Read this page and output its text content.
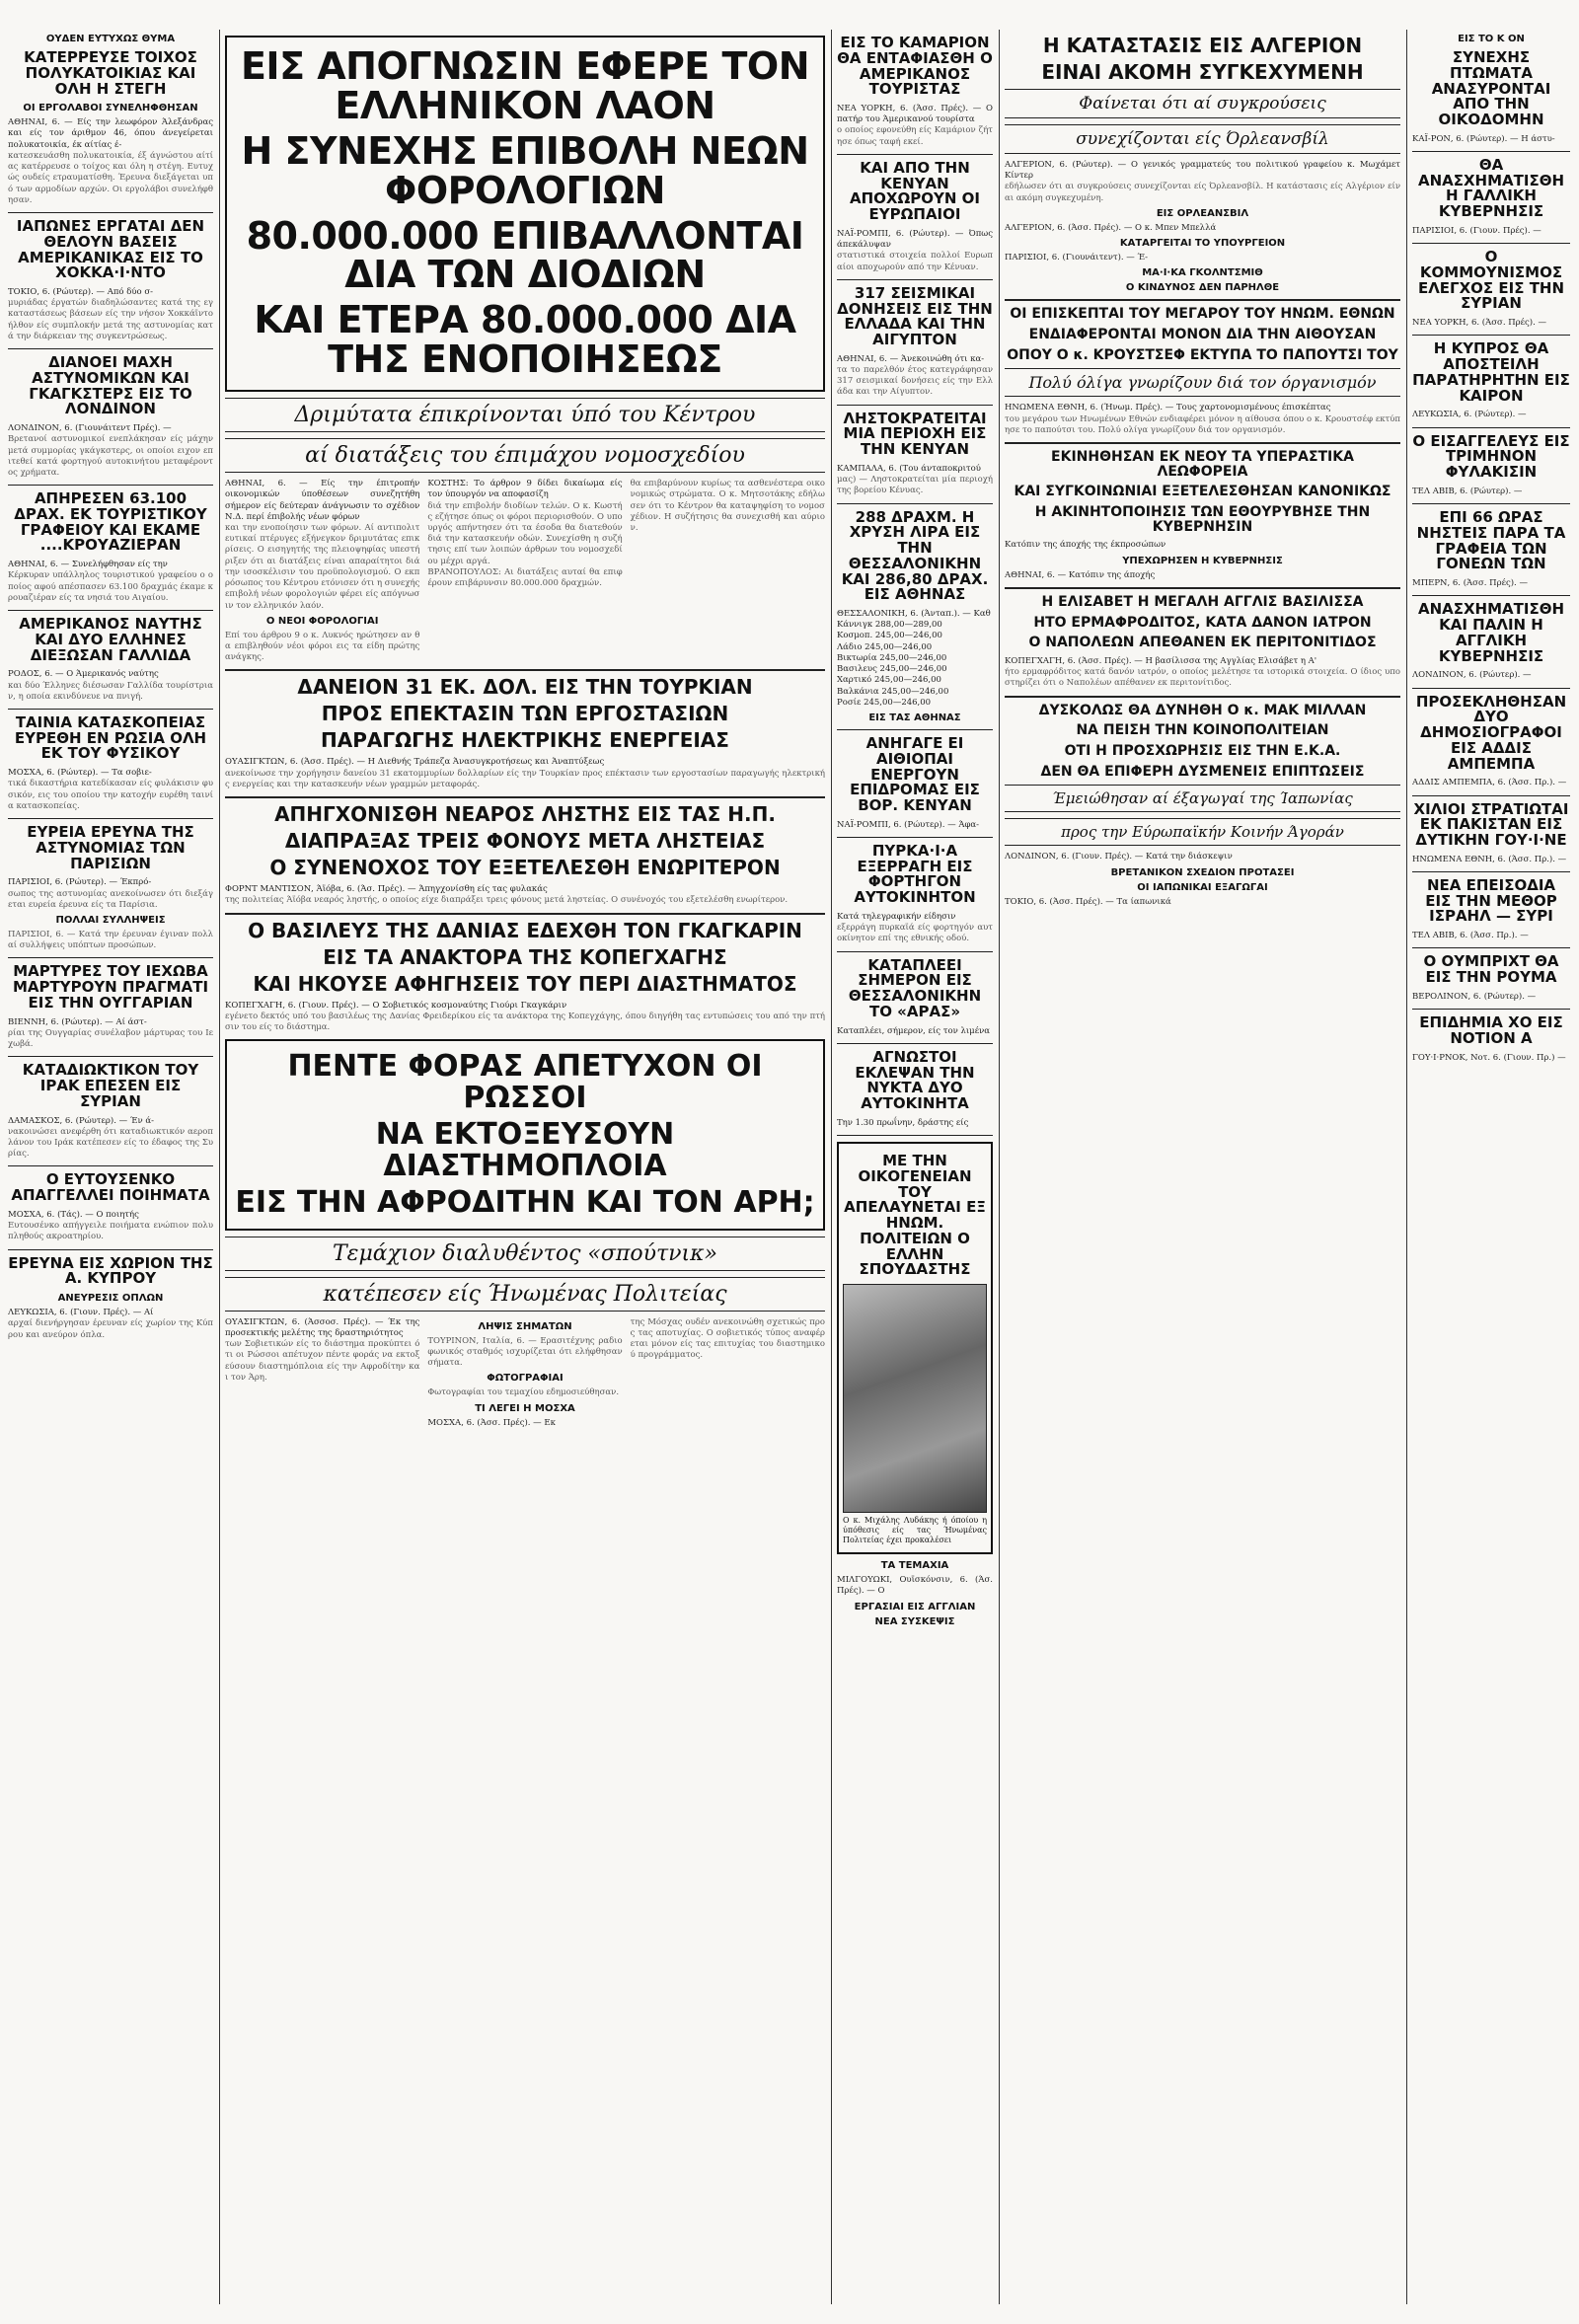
ΟΥΔΕΝ ΕΥΤΥΧΩΣ ΘΥΜΑ
ΚΑΤΕΡΡΕΥΣΕ ΤΟΙΧΟΣ ΠΟΛΥΚΑΤΟΙΚΙΑΣ ΚΑΙ ΟΛΗ Η ΣΤΕΓΗ
ΟΙ ΕΡΓΟΛΑΒΟΙ ΣΥΝΕΛΗΦΘΗΣΑΝ

ΑΘΗΝΑΙ, 6. — Είς την λεωφόρον Άλεξάνδρας και είς τον άριθμον 46, όπου άνεγείρεται πολυκατοικία, έκ αίτίας έ-

κατεσκευάσθη πολυκατοικία, έξ άγνώστου αίτίας κατέρρευσε ο τοίχος και όλη η στέγη. Ευτυχώς ουδείς ετραυματίσθη. Έρευνα διεξάγεται υπό των αρμοδίων αρχών. Οι εργολάβοι συνελήφθησαν.

ΙΑΠΩΝΕΣ ΕΡΓΑΤΑΙ ΔΕΝ ΘΕΛΟΥΝ ΒΑΣΕΙΣ ΑΜΕΡΙΚΑΝΙΚΑΣ ΕΙΣ ΤΟ ΧΟΚΚΑ·Ι·ΝΤΟ

ΤΟΚΙΟ, 6. (Ρώυτερ). — Από δύο σ-

μυριάδας έργατών διαδηλώσαντες κατά της εγκαταστάσεως βάσεων είς την νήσον Χοκκάϊντο ήλθον είς συμπλοκήν μετά της αστυνομίας κατά την διάρκειαν της συγκεντρώσεως.

ΔΙΑΝΟΕΙ ΜΑΧΗ ΑΣΤΥΝΟΜΙΚΩΝ ΚΑΙ ΓΚΑΓΚΣΤΕΡΣ ΕΙΣ ΤΟ ΛΟΝΔΙΝΟΝ

ΛΟΝΔΙΝΟΝ, 6. (Γιουνάιτεντ Πρές). —

Βρετανοί αστυνομικοί ενεπλάκησαν είς μάχην μετά συμμορίας γκάγκστερς, οι οποίοι ειχον επιτεθεί κατά φορτηγού αυτοκινήτου μεταφέροντος χρήματα.

ΑΠΗΡΕΣΕΝ 63.100 ΔΡΑΧ. ΕΚ ΤΟΥΡΙΣΤΙΚΟΥ ΓΡΑΦΕΙΟΥ ΚΑΙ ΕΚΑΜΕ ....ΚΡΟΥΑΖΙΕΡΑΝ

ΑΘΗΝΑΙ, 6. — Συνελήφθησαν είς την

Κέρκυραν υπάλληλος τουριστικού γραφείου ο οποίος αφού απέσπασεν 63.100 δραχμάς έκαμε κρουαζιέραν είς τα νησιά του Αιγαίου.

ΑΜΕΡΙΚΑΝΟΣ ΝΑΥΤΗΣ ΚΑΙ ΔΥΟ ΕΛΛΗΝΕΣ ΔΙΕΞΩΣΑΝ ΓΑΛΛΙΔΑ

ΡΟΔΟΣ, 6. — Ο Άμερικανός ναύτης

και δύο Έλληνες διέσωσαν Γαλλίδα τουρίστριαν, η οποία εκινδύνευε να πνιγή.

ΤΑΙΝΙΑ ΚΑΤΑΣΚΟΠΕΙΑΣ ΕΥΡΕΘΗ ΕΝ ΡΩΣΙΑ ΟΛΗ ΕΚ ΤΟΥ ΦΥΣΙΚΟΥ

ΜΟΣΧΑ, 6. (Ρώυτερ). — Τα σοβιε-

τικά δικαστήρια κατεδίκασαν είς φυλάκισιν φυσικόν, εις του οποίου την κατοχήν ευρέθη ταινία κατασκοπείας.

ΕΥΡΕΙΑ ΕΡΕΥΝΑ ΤΗΣ ΑΣΤΥΝΟΜΙΑΣ ΤΩΝ ΠΑΡΙΣΙΩΝ

ΠΑΡΙΣΙΟΙ, 6. (Ρώυτερ). — Έκπρό-

σωπος της αστυνομίας ανεκοίνωσεν ότι διεξάγεται ευρεία έρευνα είς τα Παρίσια.

ΠΟΛΛΑΙ ΣΥΛΛΗΨΕΙΣ

ΠΑΡΙΣΙΟΙ, 6. — Κατά την έρευναν έγιναν πολλαί συλλήψεις υπόπτων προσώπων.

ΜΑΡΤΥΡΕΣ ΤΟΥ ΙΕΧΩΒΑ ΜΑΡΤΥΡΟΥΝ ΠΡΑΓΜΑΤΙ ΕΙΣ ΤΗΝ ΟΥΓΓΑΡΙΑΝ

ΒΙΕΝΝΗ, 6. (Ρώυτερ). — Αί άστ-

ρίαι της Ουγγαρίας συνέλαβον μάρτυρας του Ιεχωβά.

ΚΑΤΑΔΙΩΚΤΙΚΟΝ ΤΟΥ ΙΡΑΚ ΕΠΕΣΕΝ ΕΙΣ ΣΥΡΙΑΝ

ΔΑΜΑΣΚΟΣ, 6. (Ρώυτερ). — Έν ά-

νακοινώσει ανεφέρθη ότι καταδιωκτικόν αεροπλάνον του Ιράκ κατέπεσεν είς το έδαφος της Συρίας.

Ο ΕΥΤΟΥΣΕΝΚΟ ΑΠΑΓΓΕΛΛΕΙ ΠΟΙΗΜΑΤΑ

ΜΟΣΧΑ, 6. (Τάς). — Ο ποιητής

Ευτουσένκο απήγγειλε ποιήματα ενώπιον πολυπληθούς ακροατηρίου.

ΕΡΕΥΝΑ ΕΙΣ ΧΩΡΙΟΝ ΤΗΣ Α. ΚΥΠΡΟΥ
ΑΝΕΥΡΕΣΙΣ ΟΠΛΩΝ

ΛΕΥΚΩΣΙΑ, 6. (Γιουν. Πρές). — Αί

αρχαί διενήργησαν έρευναν είς χωρίον της Κύπρου και ανεύρον όπλα.

ΕΙΣ ΑΠΟΓΝΩΣΙΝ ΕΦΕΡΕ ΤΟΝ ΕΛΛΗΝΙΚΟΝ ΛΑΟΝ
Η ΣΥΝΕΧΗΣ ΕΠΙΒΟΛΗ ΝΕΩΝ ΦΟΡΟΛΟΓΙΩΝ
80.000.000 ΕΠΙΒΑΛΛΟΝΤΑΙ ΔΙΑ ΤΩΝ ΔΙΟΔΙΩΝ
ΚΑΙ ΕΤΕΡΑ 80.000.000 ΔΙΑ ΤΗΣ ΕΝΟΠΟΙΗΣΕΩΣ
Δριμύτατα έπικρίνονται ύπό του Κέντρου
αί διατάξεις του έπιμάχου νομοσχεδίου

ΑΘΗΝΑΙ, 6. — Είς την έπιτροπήν οικονομικών ύποθέσεων συνεζητήθη σήμερον είς δεύτεραν άνάγνωσιν το σχέδιον Ν.Δ. περί έπιβολής νέων φόρων

και την ενοποίησιν των φόρων. Αί αντιπολιτευτικαί πτέρυγες εξήνεγκον δριμυτάτας επικρίσεις. Ο εισηγητής της πλειοψηφίας υπεστήριξεν ότι αι διατάξεις είναι απαραίτητοι διά την ισοσκέλισιν του προϋπολογισμού. Ο εκπρόσωπος του Κέντρου ετόνισεν ότι η συνεχής επιβολή νέων φορολογιών φέρει είς απόγνωσιν τον ελληνικόν λαόν.

Ο ΝΕΟΙ ΦΟΡΟΛΟΓΙΑΙ

Επί του άρθρου 9 ο κ. Λυκνός ηρώτησεν αν θα επιβληθούν νέοι φόροι εις τα είδη πρώτης ανάγκης.

ΚΟΣΤΗΣ: Το άρθρον 9 δίδει δικαίωμα είς τον ύπουργόν να αποφασίζη

διά την επιβολήν διοδίων τελών. Ο κ. Κωστής εζήτησε όπως οι φόροι περιορισθούν. Ο υπουργός απήντησεν ότι τα έσοδα θα διατεθούν διά την κατασκευήν οδών. Συνεχίσθη η συζήτησις επί των λοιπών άρθρων του νομοσχεδίου μέχρι αργά.

ΒΡΑΝΟΠΟΥΛΟΣ: Αι διατάξεις αυταί θα επιφέρουν επιβάρυνσιν 80.000.000 δραχμών.

θα επιβαρύνουν κυρίως τα ασθενέστερα οικονομικώς στρώματα. Ο κ. Μητσοτάκης εδήλωσεν ότι το Κέντρον θα καταψηφίση το νομοσχέδιον. Η συζήτησις θα συνεχισθή και αύριον.

ΔΑΝΕΙΟΝ 31 ΕΚ. ΔΟΛ. ΕΙΣ ΤΗΝ ΤΟΥΡΚΙΑΝ
ΠΡΟΣ ΕΠΕΚΤΑΣΙΝ ΤΩΝ ΕΡΓΟΣΤΑΣΙΩΝ
ΠΑΡΑΓΩΓΗΣ ΗΛΕΚΤΡΙΚΗΣ ΕΝΕΡΓΕΙΑΣ

ΟΥΑΣΙΓΚΤΩΝ, 6. (Άσσ. Πρές). — Η Διεθνής Τράπεζα Άνασυγκροτήσεως και Άναπτύξεως

ανεκοίνωσε την χορήγησιν δανείου 31 εκατομμυρίων δολλαρίων είς την Τουρκίαν προς επέκτασιν των εργοστασίων παραγωγής ηλεκτρικής ενεργείας και την κατασκευήν νέων γραμμών μεταφοράς.

ΑΠΗΓΧΟΝΙΣΘΗ ΝΕΑΡΟΣ ΛΗΣΤΗΣ ΕΙΣ ΤΑΣ Η.Π.
ΔΙΑΠΡΑΞΑΣ ΤΡΕΙΣ ΦΟΝΟΥΣ ΜΕΤΑ ΛΗΣΤΕΙΑΣ
Ο ΣΥΝΕΝΟΧΟΣ ΤΟΥ ΕΞΕΤΕΛΕΣΘΗ ΕΝΩΡΙΤΕΡΟΝ

ΦΟΡΝΤ ΜΑΝΤΙΣΟΝ, Άϊόβα, 6. (Άσ. Πρές). — Άπηγχονίσθη είς τας φυλακάς

της πολιτείας Άϊόβα νεαρός ληστής, ο οποίος είχε διαπράξει τρεις φόνους μετά ληστείας. Ο συνένοχός του εξετελέσθη ενωρίτερον.

Ο ΒΑΣΙΛΕΥΣ ΤΗΣ ΔΑΝΙΑΣ ΕΔΕΧΘΗ ΤΟΝ ΓΚΑΓΚΑΡΙΝ
ΕΙΣ ΤΑ ΑΝΑΚΤΟΡΑ ΤΗΣ ΚΟΠΕΓΧΑΓΗΣ
ΚΑΙ ΗΚΟΥΣΕ ΑΦΗΓΗΣΕΙΣ ΤΟΥ ΠΕΡΙ ΔΙΑΣΤΗΜΑΤΟΣ

ΚΟΠΕΓΧΑΓΗ, 6. (Γιουν. Πρές). — Ο Σοβιετικός κοσμοναύτης Γιούρι Γκαγκάριν

εγένετο δεκτός υπό του βασιλέως της Δανίας Φρειδερίκου είς τα ανάκτορα της Κοπεγχάγης, όπου διηγήθη τας εντυπώσεις του από την πτήσιν του είς το διάστημα.

ΠΕΝΤΕ ΦΟΡΑΣ ΑΠΕΤΥΧΟΝ ΟΙ ΡΩΣΣΟΙ
ΝΑ ΕΚΤΟΞΕΥΣΟΥΝ ΔΙΑΣΤΗΜΟΠΛΟΙΑ
ΕΙΣ ΤΗΝ ΑΦΡΟΔΙΤΗΝ ΚΑΙ ΤΟΝ ΑΡΗ;
Τεμάχιον διαλυθέντος «σπούτνικ»
κατέπεσεν είς Ήνωμένας Πολιτείας

ΟΥΑΣΙΓΚΤΩΝ, 6. (Άσσοσ. Πρές). — Έκ της προσεκτικής μελέτης της δραστηριότητος

των Σοβιετικών είς το διάστημα προκύπτει ότι οι Ρώσσοι απέτυχον πέντε φοράς να εκτοξεύσουν διαστημόπλοια είς την Αφροδίτην και τον Άρη.

ΛΗΨΙΣ ΣΗΜΑΤΩΝ

ΤΟΥΡΙΝΟΝ, Ιταλία, 6. — Ερασιτέχνης ραδιοφωνικός σταθμός ισχυρίζεται ότι ελήφθησαν σήματα.

ΦΩΤΟΓΡΑΦΙΑΙ

Φωτογραφίαι του τεμαχίου εδημοσιεύθησαν.

ΤΙ ΛΕΓΕΙ Η ΜΟΣΧΑ

ΜΟΣΧΑ, 6. (Άσσ. Πρές). — Εκ

της Μόσχας ουδέν ανεκοινώθη σχετικώς προς τας αποτυχίας. Ο σοβιετικός τύπος αναφέρεται μόνον είς τας επιτυχίας του διαστημικού προγράμματος.

ΕΙΣ ΤΟ ΚΑΜΑΡΙΟΝ ΘΑ ΕΝΤΑΦΙΑΣΘΗ Ο ΑΜΕΡΙΚΑΝΟΣ ΤΟΥΡΙΣΤΑΣ

ΝΕΑ ΥΟΡΚΗ, 6. (Άσσ. Πρές). — Ο πατήρ του Άμερικανού τουρίστα

ο οποίος εφονεύθη είς Καμάριον ζήτησε όπως ταφή εκεί.

ΚΑΙ ΑΠΟ ΤΗΝ ΚΕΝΥΑΝ ΑΠΟΧΩΡΟΥΝ ΟΙ ΕΥΡΩΠΑΙΟΙ

ΝΑΪ-ΡΟΜΠΙ, 6. (Ρώυτερ). — Όπως άπεκάλυψαν

στατιστικά στοιχεία πολλοί Ευρωπαίοι αποχωρούν από την Κένυαν.

317 ΣΕΙΣΜΙΚΑΙ ΔΟΝΗΣΕΙΣ ΕΙΣ ΤΗΝ ΕΛΛΑΔΑ ΚΑΙ ΤΗΝ ΑΙΓΥΠΤΟΝ

ΑΘΗΝΑΙ, 6. — Άνεκοινώθη ότι κα-

τα το παρελθόν έτος κατεγράφησαν 317 σεισμικαί δονήσεις είς την Ελλάδα και την Αίγυπτον.

ΛΗΣΤΟΚΡΑΤΕΙΤΑΙ ΜΙΑ ΠΕΡΙΟΧΗ ΕΙΣ ΤΗΝ ΚΕΝΥΑΝ

ΚΑΜΠΑΛΑ, 6. (Του άνταποκριτού

μας) — Ληστοκρατείται μία περιοχή της βορείου Κένυας.

288 ΔΡΑΧΜ. Η ΧΡΥΣΗ ΛΙΡΑ ΕΙΣ ΤΗΝ ΘΕΣΣΑΛΟΝΙΚΗΝ ΚΑΙ 286,80 ΔΡΑΧ. ΕΙΣ ΑΘΗΝΑΣ

ΘΕΣΣΑΛΟΝΙΚΗ, 6. (Άνταπ.). — Καθ

Κάννιγκ 288,00—289,00

Κοσμοπ. 245,00—246,00

Λάδιο 245,00—246,00

Βικτωρία 245,00—246,00

Βασιλευς 245,00—246,00

Χαρτικό 245,00—246,00

Βαλκάνια 245,00—246,00

Ροσίε 245,00—246,00

ΕΙΣ ΤΑΣ ΑΘΗΝΑΣ
ΑΝΗΓΑΓΕ ΕΙ ΑΙΘΙΟΠΑΙ ΕΝΕΡΓΟΥΝ ΕΠΙΔΡΟΜΑΣ ΕΙΣ ΒΟΡ. ΚΕΝΥΑΝ

ΝΑΪ-ΡΟΜΠΙ, 6. (Ρώυτερ). — Άφα-

ΠΥΡΚΑ·Ι·Α ΕΞΕΡΡΑΓΗ ΕΙΣ ΦΟΡΤΗΓΟΝ ΑΥΤΟΚΙΝΗΤΟΝ

Κατά τηλεγραφικήν είδησιν

εξερράγη πυρκαϊά είς φορτηγόν αυτοκίνητον επί της εθνικής οδού.

ΚΑΤΑΠΛΕΕΙ ΣΗΜΕΡΟΝ ΕΙΣ ΘΕΣΣΑΛΟΝΙΚΗΝ ΤΟ «ΑΡΑΣ»

Καταπλέει, σήμερον, είς τον λιμένα

ΑΓΝΩΣΤΟΙ ΕΚΛΕΨΑΝ ΤΗΝ ΝΥΚΤΑ ΔΥΟ ΑΥΤΟΚΙΝΗΤΑ

Την 1.30 πρωΐνην, δράστης είς

ΜΕ ΤΗΝ ΟΙΚΟΓΕΝΕΙΑΝ ΤΟΥ ΑΠΕΛΑΥΝΕΤΑΙ ΕΞ ΗΝΩΜ. ΠΟΛΙΤΕΙΩΝ Ο ΕΛΛΗΝ ΣΠΟΥΔΑΣΤΗΣ

Ο κ. Μιχάλης Λυδάκης ή όποίου η ύπόθεσις είς τας Ήνωμένας Πολιτείας έχει προκαλέσει

ΤΑ ΤΕΜΑΧΙΑ

ΜΙΛΓΟΥΩΚΙ, Ουϊσκόνσιν, 6. (Άσ. Πρές). — Ο

ΕΡΓΑΣΙΑΙ ΕΙΣ ΑΓΓΛΙΑΝ
ΝΕΑ ΣΥΣΚΕΨΙΣ
Η ΚΑΤΑΣΤΑΣΙΣ ΕΙΣ ΑΛΓΕΡΙΟΝ
ΕΙΝΑΙ ΑΚΟΜΗ ΣΥΓΚΕΧΥΜΕΝΗ
Φαίνεται ότι αί συγκρούσεις
συνεχίζονται είς Όρλεανσβίλ

ΑΛΓΕΡΙΟΝ, 6. (Ρώυτερ). — Ο γενικός γραμματεύς του πολιτικού γραφείου κ. Μωχάμετ Κίντερ

εδήλωσεν ότι αι συγκρούσεις συνεχίζονται είς Όρλεανσβίλ. Η κατάστασις είς Αλγέριον είναι ακόμη συγκεχυμένη.

ΕΙΣ ΟΡΛΕΑΝΣΒΙΛ

ΑΛΓΕΡΙΟΝ, 6. (Άσσ. Πρές). — Ο κ. Μπεν Μπελλά

ΚΑΤΑΡΓΕΙΤΑΙ ΤΟ ΥΠΟΥΡΓΕΙΟΝ

ΠΑΡΙΣΙΟΙ, 6. (Γιουνάιτεντ). — Έ-

ΜΑ·Ι·ΚΑ ΓΚΟΛΝΤΣΜΙΘ
Ο ΚΙΝΔΥΝΟΣ ΔΕΝ ΠΑΡΗΛΘΕ
ΟΙ ΕΠΙΣΚΕΠΤΑΙ ΤΟΥ ΜΕΓΑΡΟΥ ΤΟΥ ΗΝΩΜ. ΕΘΝΩΝ
ΕΝΔΙΑΦΕΡΟΝΤΑΙ ΜΟΝΟΝ ΔΙΑ ΤΗΝ ΑΙΘΟΥΣΑΝ
ΟΠΟΥ Ο κ. ΚΡΟΥΣΤΣΕΦ ΕΚΤΥΠΑ ΤΟ ΠΑΠΟΥΤΣΙ ΤΟΥ
Πολύ όλίγα γνωρίζουν διά τον όργανισμόν

ΗΝΩΜΕΝΑ ΕΘΝΗ, 6. (Ήνωμ. Πρές). — Τους χαρτονομισμένους έπισκέπτας

του μεγάρου των Ηνωμένων Εθνών ενδιαφέρει μόνον η αίθουσα όπου ο κ. Κρουστσέφ εκτύπησε το παπούτσι του. Πολύ ολίγα γνωρίζουν διά τον οργανισμόν.

ΕΚΙΝΗΘΗΣΑΝ ΕΚ ΝΕΟΥ ΤΑ ΥΠΕΡΑΣΤΙΚΑ ΛΕΩΦΟΡΕΙΑ
ΚΑΙ ΣΥΓΚΟΙΝΩΝΙΑΙ ΕΞΕΤΕΛΕΣΘΗΣΑΝ ΚΑΝΟΝΙΚΩΣ
Η ΑΚΙΝΗΤΟΠΟΙΗΣΙΣ ΤΩΝ ΕΘΟΥΡΥΒΗΣΕ ΤΗΝ ΚΥΒΕΡΝΗΣΙΝ

Κατόπιν της άποχής της έκπροσώπων

ΥΠΕΧΩΡΗΣΕΝ Η ΚΥΒΕΡΝΗΣΙΣ

ΑΘΗΝΑΙ, 6. — Κατόπιν της άποχής

Η ΕΛΙΣΑΒΕΤ Η ΜΕΓΑΛΗ ΑΓΓΛΙΣ ΒΑΣΙΛΙΣΣΑ
ΗΤΟ ΕΡΜΑΦΡΟΔΙΤΟΣ, ΚΑΤΑ ΔΑΝΟΝ ΙΑΤΡΟΝ
Ο ΝΑΠΟΛΕΩΝ ΑΠΕΘΑΝΕΝ ΕΚ ΠΕΡΙΤΟΝΙΤΙΔΟΣ

ΚΟΠΕΓΧΑΓΗ, 6. (Άσσ. Πρές). — Η βασίλισσα της Αγγλίας Ελισάβετ η Α'

ήτο ερμαφρόδιτος κατά δανόν ιατρόν, ο οποίος μελέτησε τα ιστορικά στοιχεία. Ο ίδιος υποστηρίζει ότι ο Ναπολέων απέθανεν εκ περιτονίτιδος.

ΔΥΣΚΟΛΩΣ ΘΑ ΔΥΝΗΘΗ Ο κ. ΜΑΚ ΜΙΛΛΑΝ
ΝΑ ΠΕΙΣΗ ΤΗΝ ΚΟΙΝΟΠΟΛΙΤΕΙΑΝ
ΟΤΙ Η ΠΡΟΣΧΩΡΗΣΙΣ ΕΙΣ ΤΗΝ Ε.Κ.Α.
ΔΕΝ ΘΑ ΕΠΙΦΕΡΗ ΔΥΣΜΕΝΕΙΣ ΕΠΙΠΤΩΣΕΙΣ
Έμειώθησαν αί έξαγωγαί της Ίαπωνίας
προς την Εύρωπαϊκήν Κοινήν Άγοράν

ΛΟΝΔΙΝΟΝ, 6. (Γιουν. Πρές). — Κατά την διάσκεψιν

ΒΡΕΤΑΝΙΚΟΝ ΣΧΕΔΙΟΝ ΠΡΟΤΑΣΕΙ
ΟΙ ΙΑΠΩΝΙΚΑΙ ΕΞΑΓΩΓΑΙ

ΤΟΚΙΟ, 6. (Άσσ. Πρές). — Τα ίαπωνικά

ΕΙΣ ΤΟ Κ ΟΝ
ΣΥΝΕΧΗΣ ΠΤΩΜΑΤΑ ΑΝΑΣΥΡΟΝΤΑΙ ΑΠΟ ΤΗΝ ΟΙΚΟΔΟΜΗΝ

ΚΑΪ-ΡΟΝ, 6. (Ρώυτερ). — Η άστυ-

ΘΑ ΑΝΑΣΧΗΜΑΤΙΣΘΗ Η ΓΑΛΛΙΚΗ ΚΥΒΕΡΝΗΣΙΣ

ΠΑΡΙΣΙΟΙ, 6. (Γιουν. Πρές). —

Ο ΚΟΜΜΟΥΝΙΣΜΟΣ ΕΛΕΓΧΟΣ ΕΙΣ ΤΗΝ ΣΥΡΙΑΝ

ΝΕΑ ΥΟΡΚΗ, 6. (Άσσ. Πρές). —

Η ΚΥΠΡΟΣ ΘΑ ΑΠΟΣΤΕΙΛΗ ΠΑΡΑΤΗΡΗΤΗΝ ΕΙΣ ΚΑΙΡΟΝ

ΛΕΥΚΩΣΙΑ, 6. (Ρώυτερ). —

Ο ΕΙΣΑΓΓΕΛΕΥΣ ΕΙΣ ΤΡΙΜΗΝΟΝ ΦΥΛΑΚΙΣΙΝ

ΤΕΛ ΑΒΙΒ, 6. (Ρώυτερ). —

ΕΠΙ 66 ΩΡΑΣ ΝΗΣΤΕΙΣ ΠΑΡΑ ΤΑ ΓΡΑΦΕΙΑ ΤΩΝ ΓΟΝΕΩΝ ΤΩΝ

ΜΠΕΡΝ, 6. (Άσσ. Πρές). —

ΑΝΑΣΧΗΜΑΤΙΣΘΗ ΚΑΙ ΠΑΛΙΝ Η ΑΓΓΛΙΚΗ ΚΥΒΕΡΝΗΣΙΣ

ΛΟΝΔΙΝΟΝ, 6. (Ρώυτερ). —

ΠΡΟΣΕΚΛΗΘΗΣΑΝ ΔΥΟ ΔΗΜΟΣΙΟΓΡΑΦΟΙ ΕΙΣ ΑΔΔΙΣ ΑΜΠΕΜΠΑ

ΑΔΔΙΣ ΑΜΠΕΜΠΑ, 6. (Άσσ. Πρ.). —

ΧΙΛΙΟΙ ΣΤΡΑΤΙΩΤΑΙ ΕΚ ΠΑΚΙΣΤΑΝ ΕΙΣ ΔΥΤΙΚΗΝ ΓΟΥ·Ι·ΝΕ

ΗΝΩΜΕΝΑ ΕΘΝΗ, 6. (Άσσ. Πρ.). —

ΝΕΑ ΕΠΕΙΣΟΔΙΑ ΕΙΣ ΤΗΝ ΜΕΘΟΡ ΙΣΡΑΗΛ — ΣΥΡΙ

ΤΕΛ ΑΒΙΒ, 6. (Άσσ. Πρ.). —

Ο ΟΥΜΠΡΙΧΤ ΘΑ ΕΙΣ ΤΗΝ ΡΟΥΜΑ

ΒΕΡΟΛΙΝΟΝ, 6. (Ρώυτερ). —

ΕΠΙΔΗΜΙΑ ΧΟ ΕΙΣ ΝΟΤΙΟΝ Α

ΓΟΥ·Ι·ΡΝΟΚ, Νοτ. 6. (Γιουν. Πρ.) —
